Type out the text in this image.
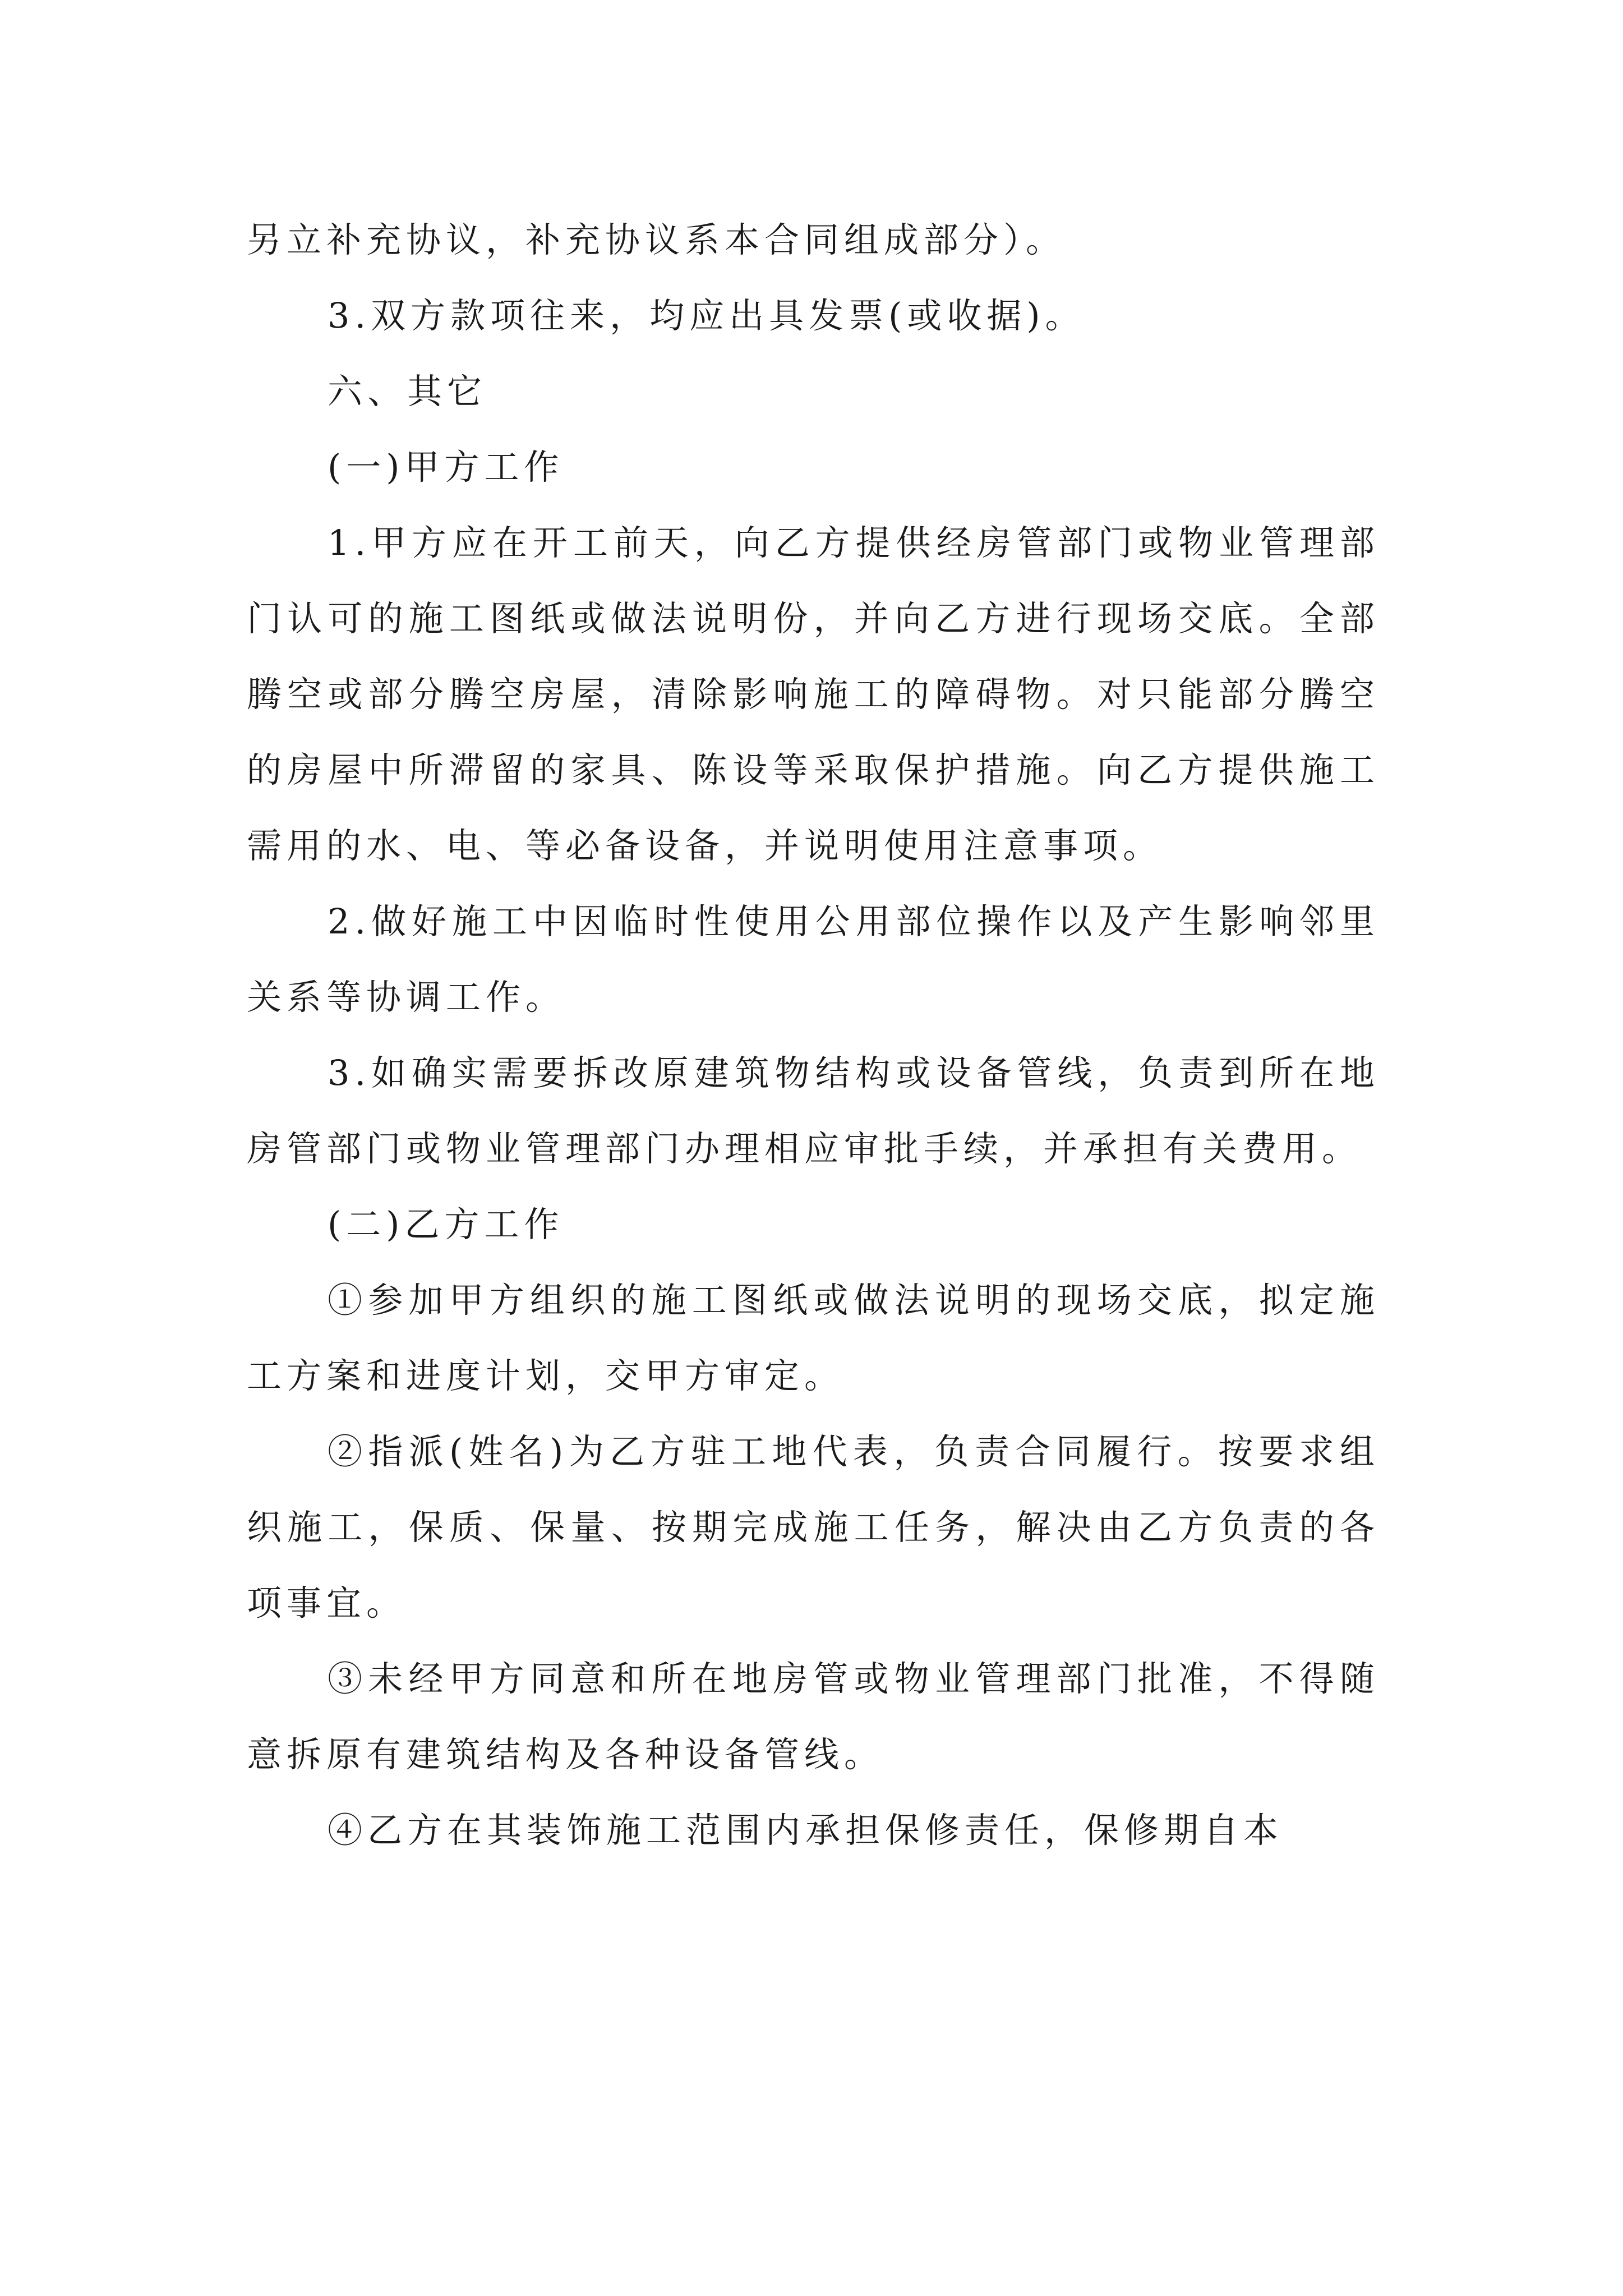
另立补充协议，补充协议系本合同组成部分）。

3.双方款项往来，均应出具发票(或收据)。

六、其它

(一)甲方工作

1.甲方应在开工前天，向乙方提供经房管部门或物业管理部门认可的施工图纸或做法说明份，并向乙方进行现场交底。全部腾空或部分腾空房屋，清除影响施工的障碍物。对只能部分腾空的房屋中所滞留的家具、陈设等采取保护措施。向乙方提供施工需用的水、电、等必备设备，并说明使用注意事项。

2.做好施工中因临时性使用公用部位操作以及产生影响邻里关系等协调工作。

3.如确实需要拆改原建筑物结构或设备管线，负责到所在地房管部门或物业管理部门办理相应审批手续，并承担有关费用。

(二)乙方工作

①参加甲方组织的施工图纸或做法说明的现场交底，拟定施工方案和进度计划，交甲方审定。

②指派(姓名)为乙方驻工地代表，负责合同履行。按要求组织施工，保质、保量、按期完成施工任务，解决由乙方负责的各项事宜。

③未经甲方同意和所在地房管或物业管理部门批准，不得随意拆原有建筑结构及各种设备管线。

④乙方在其装饰施工范围内承担保修责任，保修期自本
